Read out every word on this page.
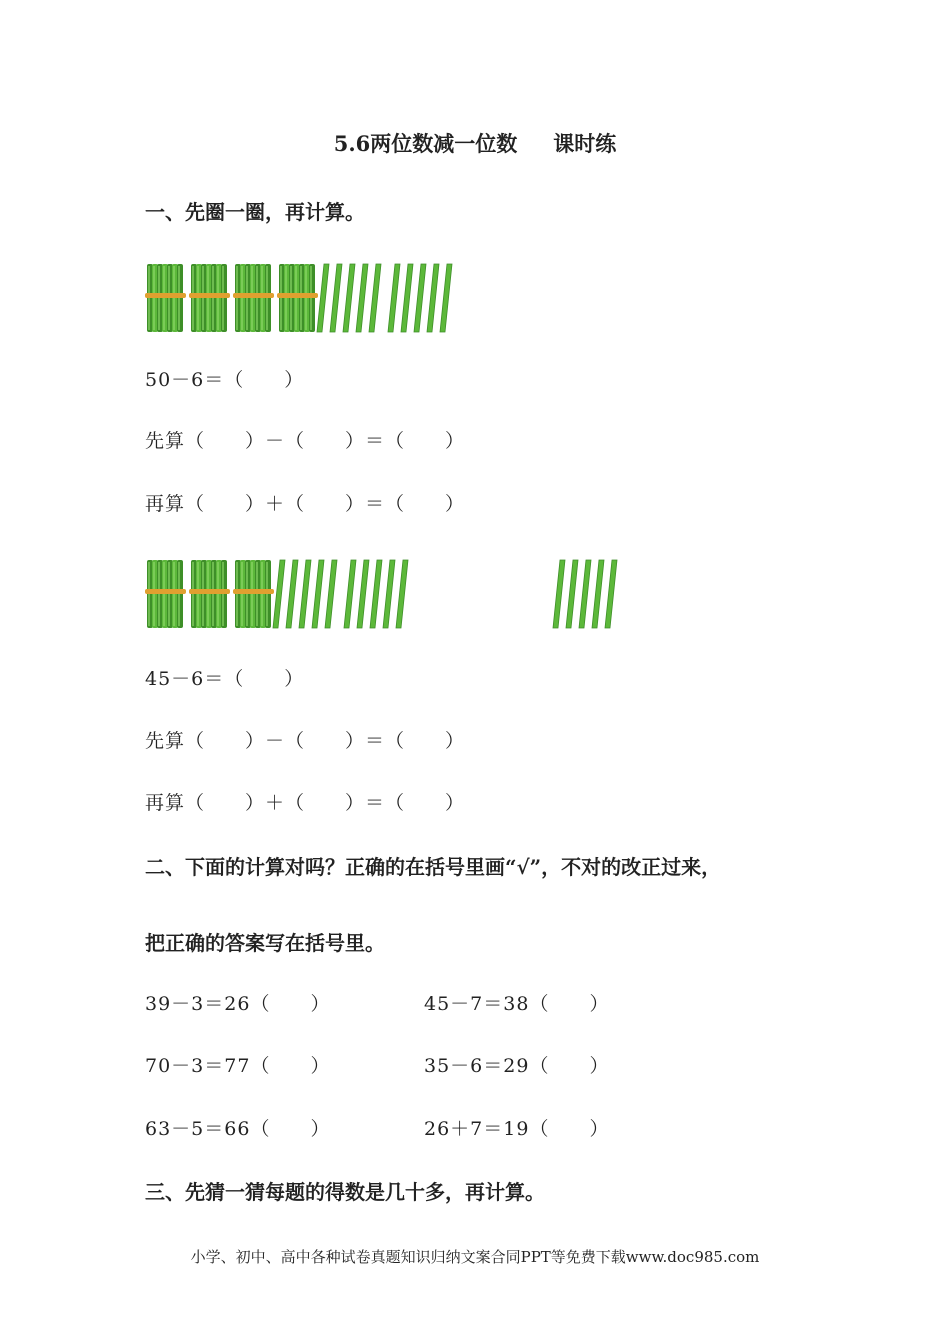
5.6两位数减一位数 课时练
一、先圈一圈，再计算。
50－6＝（　　）
先算（　　）－（　　）＝（　　）
再算（　　）＋（　　）＝（　　）
45－6＝（　　）
先算（　　）－（　　）＝（　　）
再算（　　）＋（　　）＝（　　）
二、下面的计算对吗？正确的在括号里画“√”，不对的改正过来，
把正确的答案写在括号里。
39－3＝26（　　）	45－7＝38（　　）
70－3＝77（　　）	35－6＝29（　　）
63－5＝66（　　）	26＋7＝19（　　）
三、先猜一猜每题的得数是几十多，再计算。
小学、初中、高中各种试卷真题知识归纳文案合同PPT等免费下载www.doc985.com
